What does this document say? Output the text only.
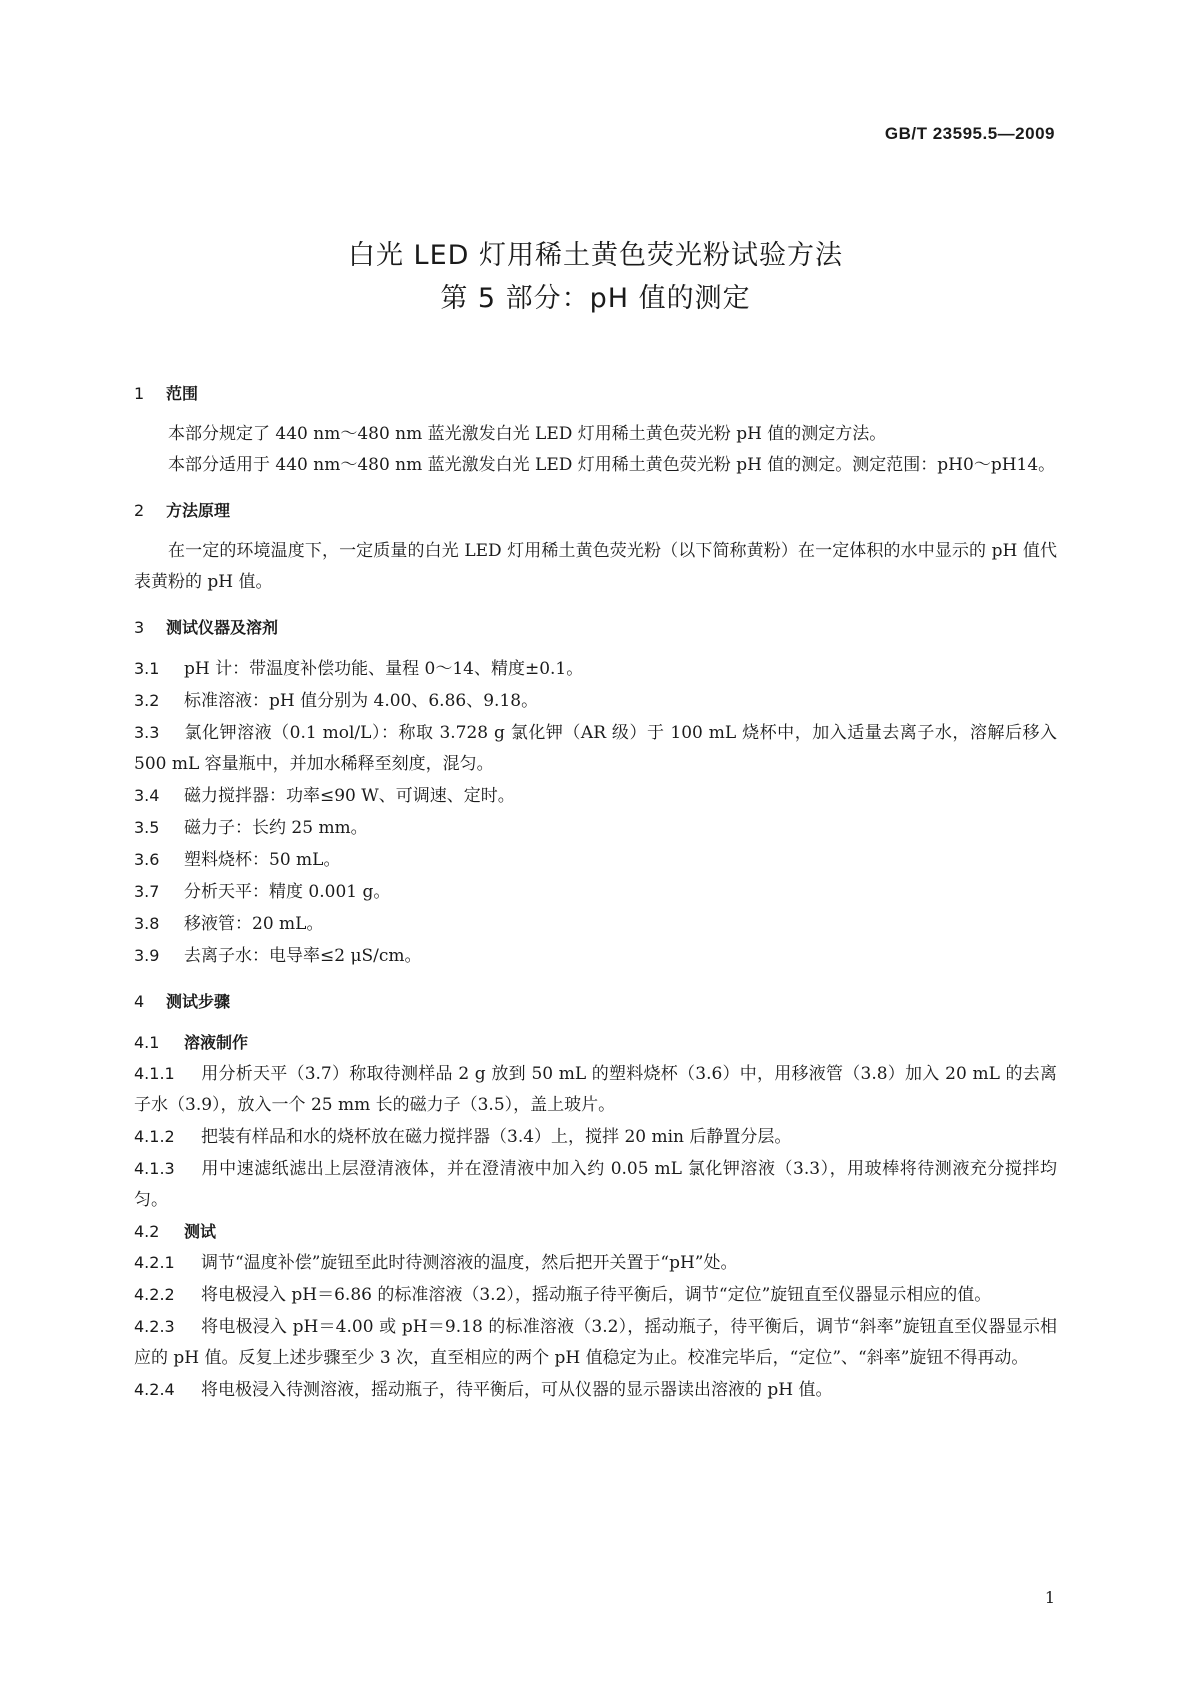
GB/T 23595.5—2009
白光 LED 灯用稀土黄色荧光粉试验方法
第 5 部分：pH 值的测定
1 范围
本部分规定了 440 nm～480 nm 蓝光激发白光 LED 灯用稀土黄色荧光粉 pH 值的测定方法。
本部分适用于 440 nm～480 nm 蓝光激发白光 LED 灯用稀土黄色荧光粉 pH 值的测定。测定范围：pH0～pH14。
2 方法原理
在一定的环境温度下，一定质量的白光 LED 灯用稀土黄色荧光粉（以下简称黄粉）在一定体积的水中显示的 pH 值代表黄粉的 pH 值。
3 测试仪器及溶剂
3.1 pH 计：带温度补偿功能、量程 0～14、精度±0.1。
3.2 标准溶液：pH 值分别为 4.00、6.86、9.18。
3.3 氯化钾溶液（0.1 mol/L）：称取 3.728 g 氯化钾（AR 级）于 100 mL 烧杯中，加入适量去离子水，溶解后移入 500 mL 容量瓶中，并加水稀释至刻度，混匀。
3.4 磁力搅拌器：功率≤90 W、可调速、定时。
3.5 磁力子：长约 25 mm。
3.6 塑料烧杯：50 mL。
3.7 分析天平：精度 0.001 g。
3.8 移液管：20 mL。
3.9 去离子水：电导率≤2 μS/cm。
4 测试步骤
4.1 溶液制作
4.1.1 用分析天平（3.7）称取待测样品 2 g 放到 50 mL 的塑料烧杯（3.6）中，用移液管（3.8）加入 20 mL 的去离子水（3.9），放入一个 25 mm 长的磁力子（3.5），盖上玻片。
4.1.2 把装有样品和水的烧杯放在磁力搅拌器（3.4）上，搅拌 20 min 后静置分层。
4.1.3 用中速滤纸滤出上层澄清液体，并在澄清液中加入约 0.05 mL 氯化钾溶液（3.3），用玻棒将待测液充分搅拌均匀。
4.2 测试
4.2.1 调节“温度补偿”旋钮至此时待测溶液的温度，然后把开关置于“pH”处。
4.2.2 将电极浸入 pH＝6.86 的标准溶液（3.2），摇动瓶子待平衡后，调节“定位”旋钮直至仪器显示相应的值。
4.2.3 将电极浸入 pH＝4.00 或 pH＝9.18 的标准溶液（3.2），摇动瓶子，待平衡后，调节“斜率”旋钮直至仪器显示相应的 pH 值。反复上述步骤至少 3 次，直至相应的两个 pH 值稳定为止。校准完毕后，“定位”、“斜率”旋钮不得再动。
4.2.4 将电极浸入待测溶液，摇动瓶子，待平衡后，可从仪器的显示器读出溶液的 pH 值。
1
